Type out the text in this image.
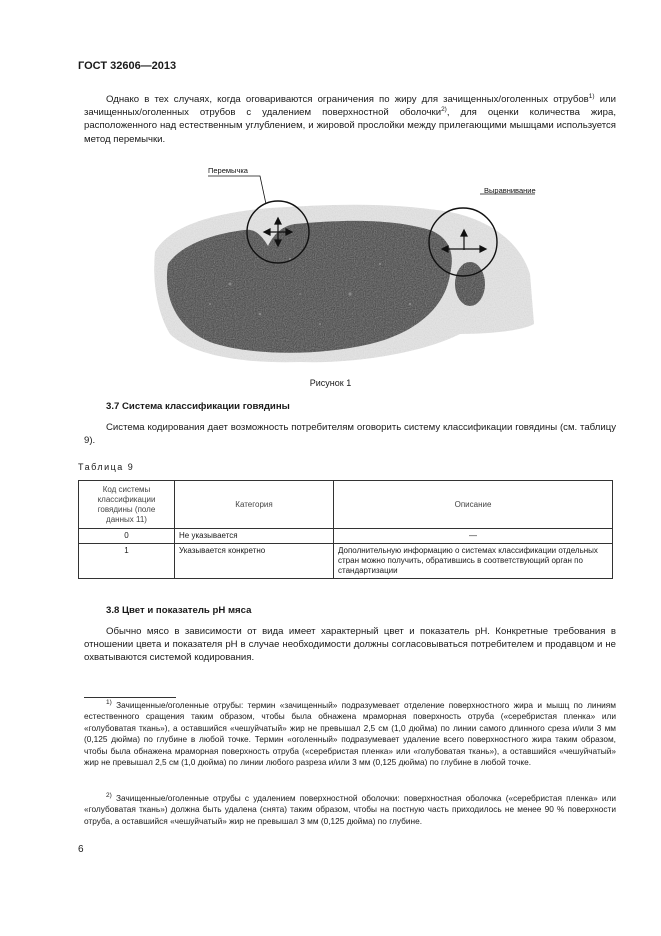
ГОСТ 32606—2013
Однако в тех случаях, когда оговариваются ограничения по жиру для зачищенных/оголенных отрубов$^{1)}$ или зачищенных/оголенных отрубов с удалением поверхностной оболочки$^{2)}$, для оценки количества жира, расположенного над естественным углублением, и жировой прослойки между прилегающими мышцами используется метод перемычки.
Перемычка
Выравнивание
Рисунок 1
3.7 Система классификации говядины
Система кодирования дает возможность потребителям оговорить систему классификации говядины (см. таблицу 9).
Таблица 9
Код системы классификации говядины (поле данных 11)	Категория	Описание
0	Не указывается	—
1	Указывается конкретно	Дополнительную информацию о системах классификации отдельных стран можно получить, обратившись в соответствующий орган по стандартизации
3.8 Цвет и показатель pH мяса
Обычно мясо в зависимости от вида имеет характерный цвет и показатель pH. Конкретные требования в отношении цвета и показателя pH в случае необходимости должны согласовываться потребителем и продавцом и не охватываются системой кодирования.
$^{1)}$ Зачищенные/оголенные отрубы: термин «зачищенный» подразумевает отделение поверхностного жира и мышц по линиям естественного сращения таким образом, чтобы была обнажена мраморная поверхность отруба («серебристая пленка» или «голубоватая ткань»), а оставшийся «чешуйчатый» жир не превышал 2,5 см (1,0 дюйма) по линии самого длинного среза и/или 3 мм (0,125 дюйма) по глубине в любой точке. Термин «оголенный» подразумевает удаление всего поверхностного жира таким образом, чтобы была обнажена мраморная поверхность отруба («серебристая пленка» или «голубоватая ткань»), а оставшийся «чешуйчатый» жир не превышал 2,5 см (1,0 дюйма) по линии любого разреза и/или 3 мм (0,125 дюйма) по глубине в любой точке.
$^{2)}$ Зачищенные/оголенные отрубы с удалением поверхностной оболочки: поверхностная оболочка («серебристая пленка» или «голубоватая ткань») должна быть удалена (снята) таким образом, чтобы на постную часть приходилось не менее 90 % поверхности отруба, а оставшийся «чешуйчатый» жир не превышал 3 мм (0,125 дюйма) по глубине.
6
